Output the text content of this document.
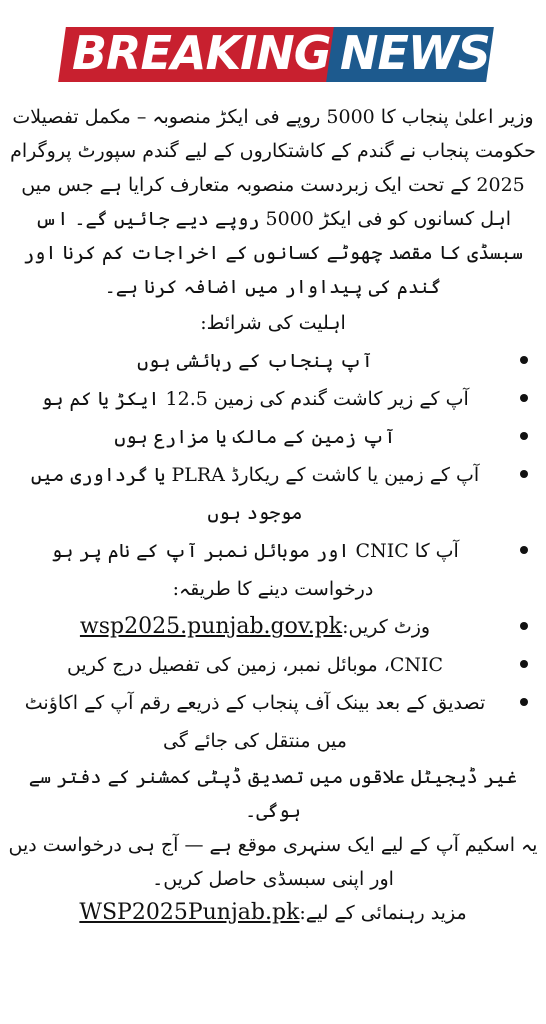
BREAKING NEWS

وزیر اعلیٰ پنجاب کا 5000 روپے فی ایکڑ منصوبہ – مکمل تفصیلات

حکومت پنجاب نے گندم کے کاشتکاروں کے لیے گندم سپورٹ پروگرام 2025 کے تحت ایک زبردست منصوبہ متعارف کرایا ہے جس میں اہل کسانوں کو فی ایکڑ 5000 روپے دیے جائیں گے۔ اس سبسڈی کا مقصد چھوٹے کسانوں کے اخراجات کم کرنا اور گندم کی پیداوار میں اضافہ کرنا ہے۔

اہلیت کی شرائط:

آپ پنجاب کے رہائشی ہوں
آپ کے زیر کاشت گندم کی زمین 12.5 ایکڑ یا کم ہو
آپ زمین کے مالک یا مزارع ہوں
آپ کے زمین یا کاشت کے ریکارڈ PLRA یا گرداوری میں موجود ہوں
آپ کا CNIC اور موبائل نمبر آپ کے نام پر ہو

درخواست دینے کا طریقہ:

وزٹ کریں:wsp2025.punjab.gov.pk
CNIC، موبائل نمبر، زمین کی تفصیل درج کریں
تصدیق کے بعد بینک آف پنجاب کے ذریعے رقم آپ کے اکاؤنٹ میں منتقل کی جائے گی

غیر ڈیجیٹل علاقوں میں تصدیق ڈپٹی کمشنر کے دفتر سے ہوگی۔

یہ اسکیم آپ کے لیے ایک سنہری موقع ہے — آج ہی درخواست دیں اور اپنی سبسڈی حاصل کریں۔

مزید رہنمائی کے لیے:WSP2025Punjab.pk
